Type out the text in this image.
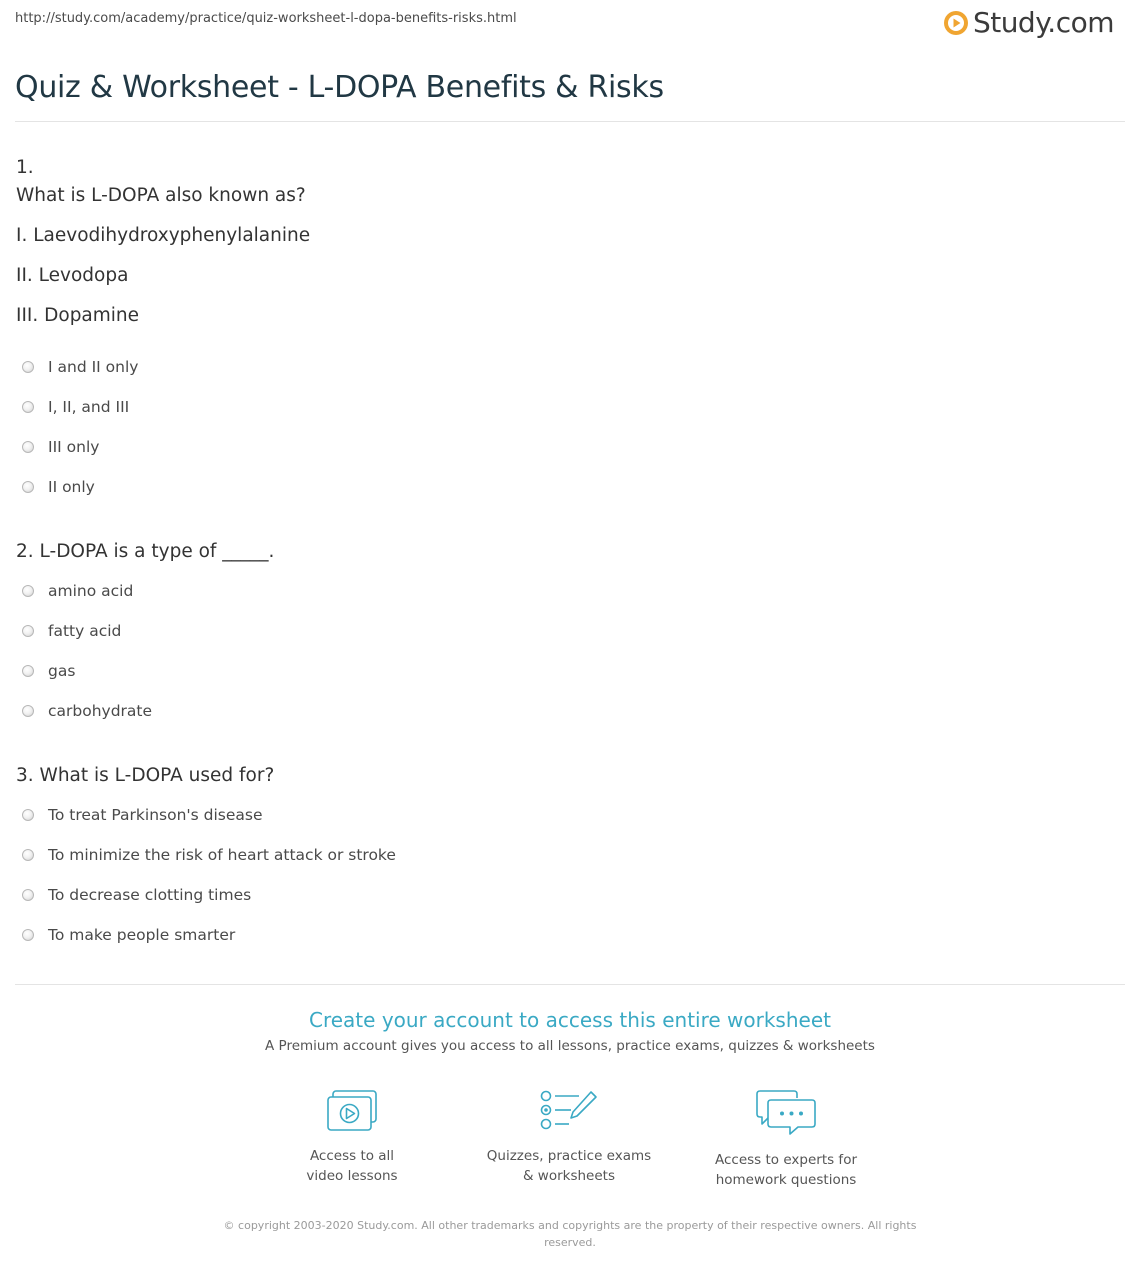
http://study.com/academy/practice/quiz-worksheet-l-dopa-benefits-risks.html	Study.com
Quiz & Worksheet - L-DOPA Benefits & Risks
1.
What is L-DOPA also known as?
I. Laevodihydroxyphenylalanine
II. Levodopa
III. Dopamine
I and II only
I, II, and III
III only
II only
2. L-DOPA is a type of _____.
amino acid
fatty acid
gas
carbohydrate
3. What is L-DOPA used for?
To treat Parkinson's disease
To minimize the risk of heart attack or stroke
To decrease clotting times
To make people smarter
Create your account to access this entire worksheet
A Premium account gives you access to all lessons, practice exams, quizzes & worksheets
Access to all
video lessons
Quizzes, practice exams
& worksheets
Access to experts for
homework questions
© copyright 2003-2020 Study.com. All other trademarks and copyrights are the property of their respective owners. All rights reserved.
